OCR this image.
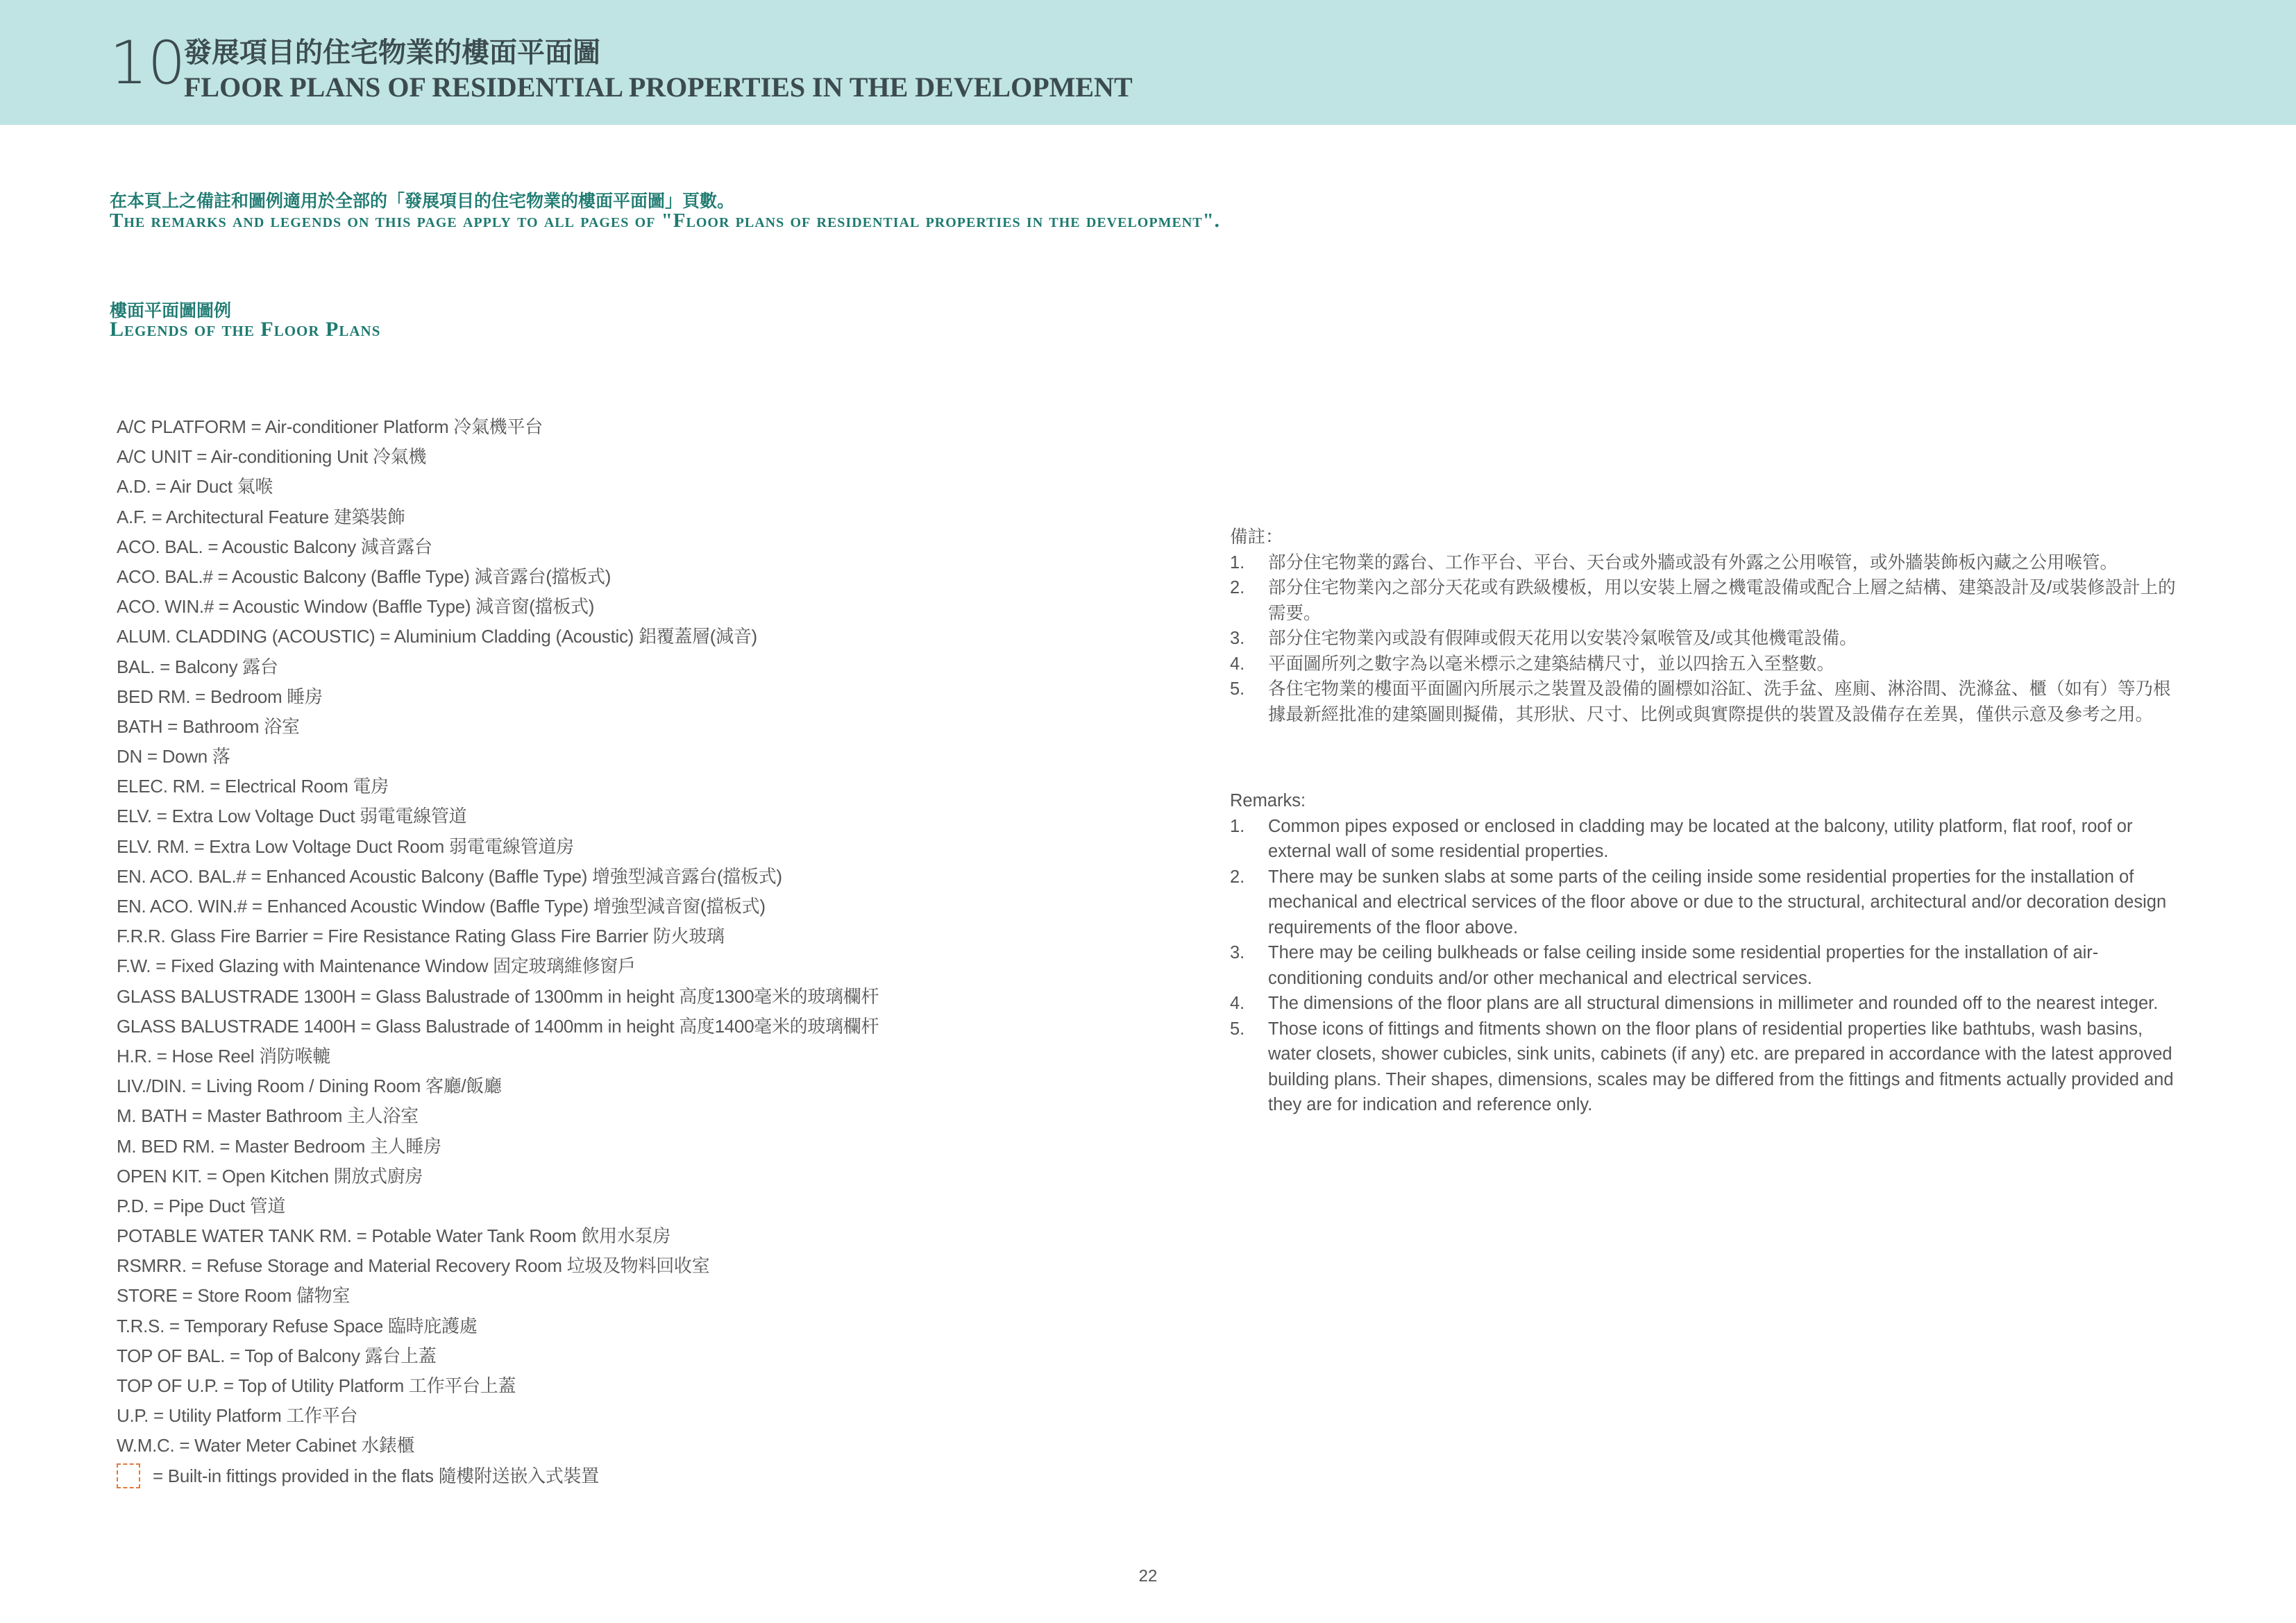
10
發展項目的住宅物業的樓面平面圖
FLOOR PLANS OF RESIDENTIAL PROPERTIES IN THE DEVELOPMENT
在本頁上之備註和圖例適用於全部的「發展項目的住宅物業的樓面平面圖」頁數。
The remarks and legends on this page apply to all pages of "Floor plans of residential properties in the development".
樓面平面圖圖例
Legends of the Floor Plans
A/C PLATFORM = Air-conditioner Platform 冷氣機平台
A/C UNIT = Air-conditioning Unit 冷氣機
A.D. = Air Duct 氣喉
A.F. = Architectural Feature 建築裝飾
ACO. BAL. = Acoustic Balcony 減音露台
ACO. BAL.# = Acoustic Balcony (Baffle Type) 減音露台(擋板式)
ACO. WIN.# = Acoustic Window (Baffle Type) 減音窗(擋板式)
ALUM. CLADDING (ACOUSTIC) = Aluminium Cladding (Acoustic) 鋁覆蓋層(減音)
BAL. = Balcony 露台
BED RM. = Bedroom 睡房
BATH = Bathroom 浴室
DN = Down 落
ELEC. RM. = Electrical Room 電房
ELV. = Extra Low Voltage Duct 弱電電線管道
ELV. RM. = Extra Low Voltage Duct Room 弱電電線管道房
EN. ACO. BAL.# = Enhanced Acoustic Balcony (Baffle Type) 增強型減音露台(擋板式)
EN. ACO. WIN.# = Enhanced Acoustic Window (Baffle Type) 增強型減音窗(擋板式)
F.R.R. Glass Fire Barrier = Fire Resistance Rating Glass Fire Barrier 防火玻璃
F.W. = Fixed Glazing with Maintenance Window 固定玻璃維修窗戶
GLASS BALUSTRADE 1300H = Glass Balustrade of 1300mm in height 高度1300毫米的玻璃欄杆
GLASS BALUSTRADE 1400H = Glass Balustrade of 1400mm in height 高度1400毫米的玻璃欄杆
H.R. = Hose Reel 消防喉轆
LIV./DIN. = Living Room / Dining Room 客廳/飯廳
M. BATH = Master Bathroom 主人浴室
M. BED RM. = Master Bedroom 主人睡房
OPEN KIT. = Open Kitchen 開放式廚房
P.D. = Pipe Duct 管道
POTABLE WATER TANK RM. = Potable Water Tank Room 飲用水泵房
RSMRR. = Refuse Storage and Material Recovery Room 垃圾及物料回收室
STORE = Store Room 儲物室
T.R.S. = Temporary Refuse Space 臨時庇護處
TOP OF BAL. = Top of Balcony 露台上蓋
TOP OF U.P. = Top of Utility Platform 工作平台上蓋
U.P. = Utility Platform 工作平台
W.M.C. = Water Meter Cabinet 水錶櫃
= Built-in fittings provided in the flats 隨樓附送嵌入式裝置

備註：

1.	部分住宅物業的露台、工作平台、平台、天台或外牆或設有外露之公用喉管，或外牆裝飾板內藏之公用喉管。
2.	部分住宅物業內之部分天花或有跌級樓板，用以安裝上層之機電設備或配合上層之結構、建築設計及/或裝修設計上的需要。
3.	部分住宅物業內或設有假陣或假天花用以安裝冷氣喉管及/或其他機電設備。
4.	平面圖所列之數字為以毫米標示之建築結構尺寸，並以四捨五入至整數。
5.	各住宅物業的樓面平面圖內所展示之裝置及設備的圖標如浴缸、洗手盆、座廁、淋浴間、洗滌盆、櫃（如有）等乃根據最新經批准的建築圖則擬備，其形狀、尺寸、比例或與實際提供的裝置及設備存在差異，僅供示意及參考之用。

Remarks:

1.	Common pipes exposed or enclosed in cladding may be located at the balcony, utility platform, flat roof, roof or external wall of some residential properties.
2.	There may be sunken slabs at some parts of the ceiling inside some residential properties for the installation of mechanical and electrical services of the floor above or due to the structural, architectural and/or decoration design requirements of the floor above.
3.	There may be ceiling bulkheads or false ceiling inside some residential properties for the installation of air-conditioning conduits and/or other mechanical and electrical services.
4.	The dimensions of the floor plans are all structural dimensions in millimeter and rounded off to the nearest integer.
5.	Those icons of fittings and fitments shown on the floor plans of residential properties like bathtubs, wash basins, water closets, shower cubicles, sink units, cabinets (if any) etc. are prepared in accordance with the latest approved building plans. Their shapes, dimensions, scales may be differed from the fittings and fitments actually provided and they are for indication and reference only.
22
